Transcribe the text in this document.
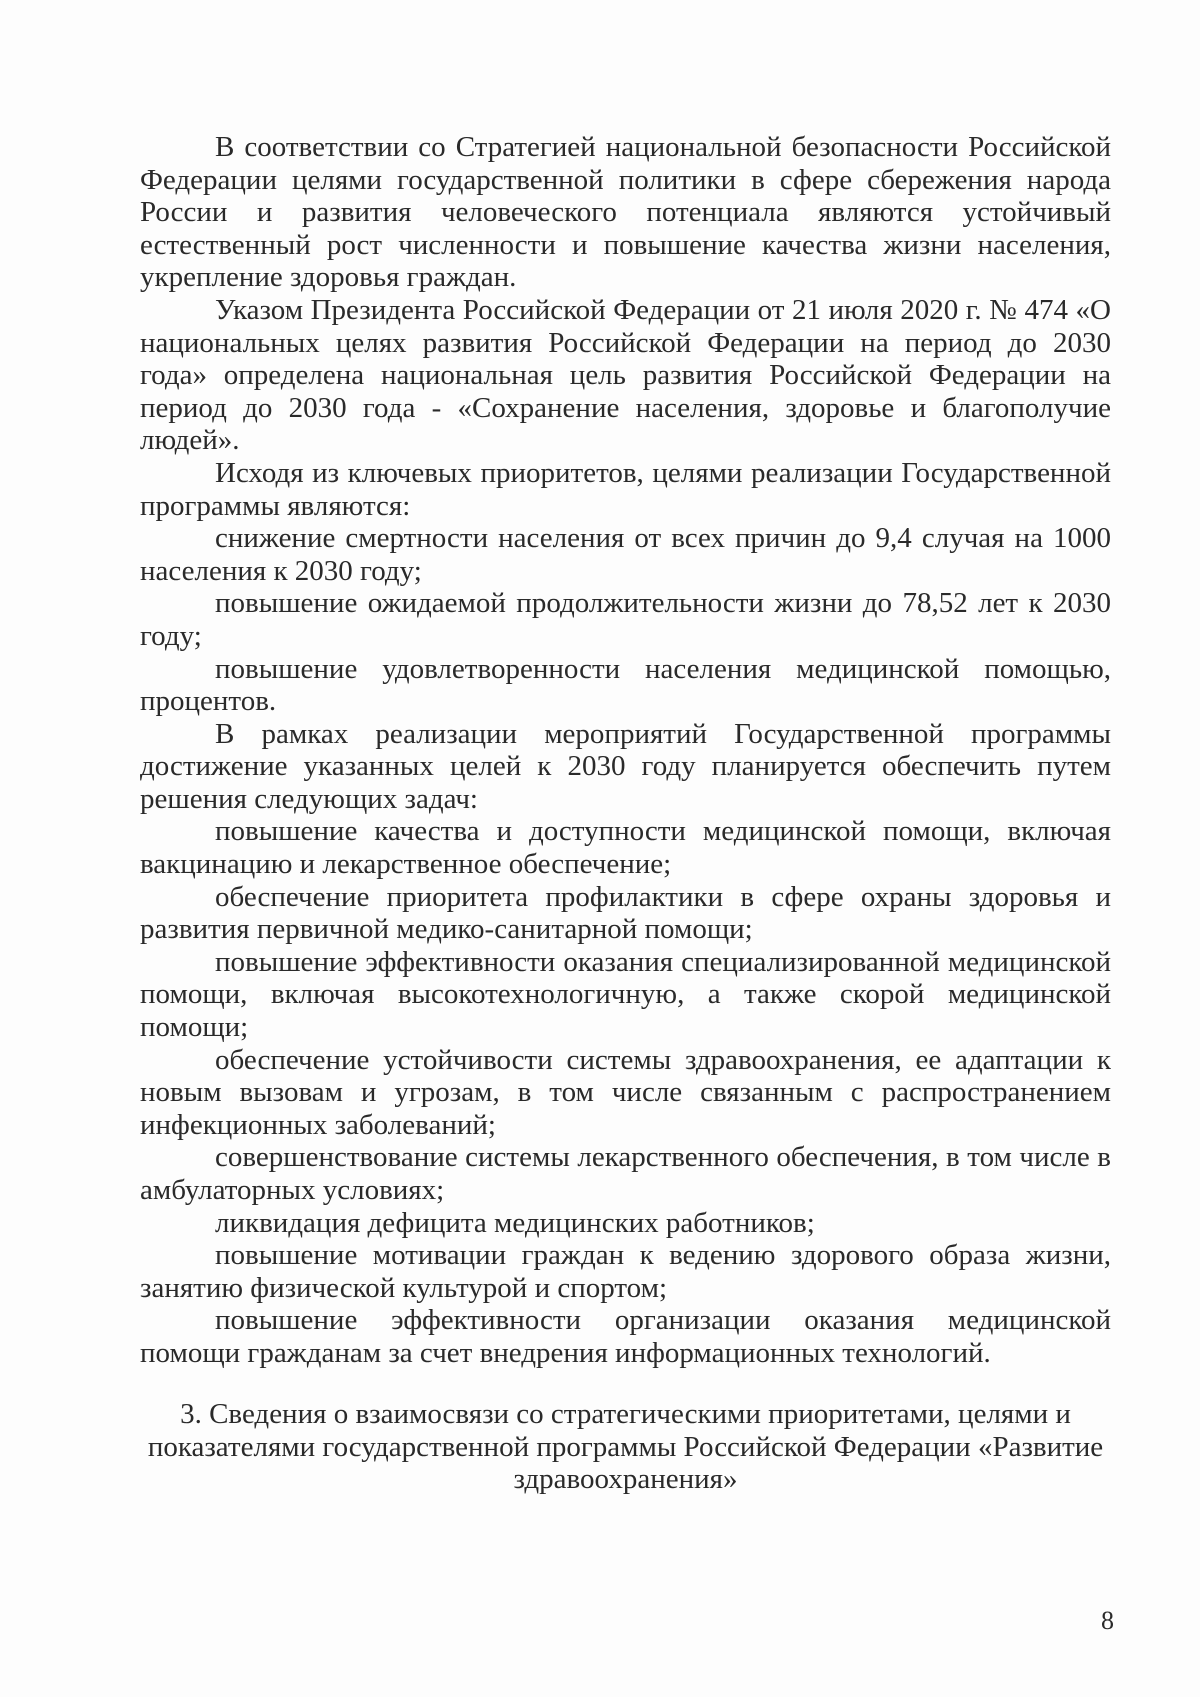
В соответствии со Стратегией национальной безопасности Российской Федерации целями государственной политики в сфере сбережения народа России и развития человеческого потенциала являются устойчивый естественный рост численности и повышение качества жизни населения, укрепление здоровья граждан.

Указом Президента Российской Федерации от 21 июля 2020 г. № 474 «О национальных целях развития Российской Федерации на период до 2030 года» определена национальная цель развития Российской Федерации на период до 2030 года - «Сохранение населения, здоровье и благополучие людей».

Исходя из ключевых приоритетов, целями реализации Государственной программы являются:

снижение смертности населения от всех причин до 9,4 случая на 1000 населения к 2030 году;

повышение ожидаемой продолжительности жизни до 78,52 лет к 2030 году;

повышение удовлетворенности населения медицинской помощью, процентов.

В рамках реализации мероприятий Государственной программы достижение указанных целей к 2030 году планируется обеспечить путем решения следующих задач:

повышение качества и доступности медицинской помощи, включая вакцинацию и лекарственное обеспечение;

обеспечение приоритета профилактики в сфере охраны здоровья и развития первичной медико-санитарной помощи;

повышение эффективности оказания специализированной медицинской помощи, включая высокотехнологичную, а также скорой медицинской помощи;

обеспечение устойчивости системы здравоохранения, ее адаптации к новым вызовам и угрозам, в том числе связанным с распространением инфекционных заболеваний;

совершенствование системы лекарственного обеспечения, в том числе в амбулаторных условиях;

ликвидация дефицита медицинских работников;

повышение мотивации граждан к ведению здорового образа жизни, занятию физической культурой и спортом;

повышение эффективности организации оказания медицинской помощи гражданам за счет внедрения информационных технологий.

3. Сведения о взаимосвязи со стратегическими приоритетами, целями и показателями государственной программы Российской Федерации «Развитие здравоохранения»

8
